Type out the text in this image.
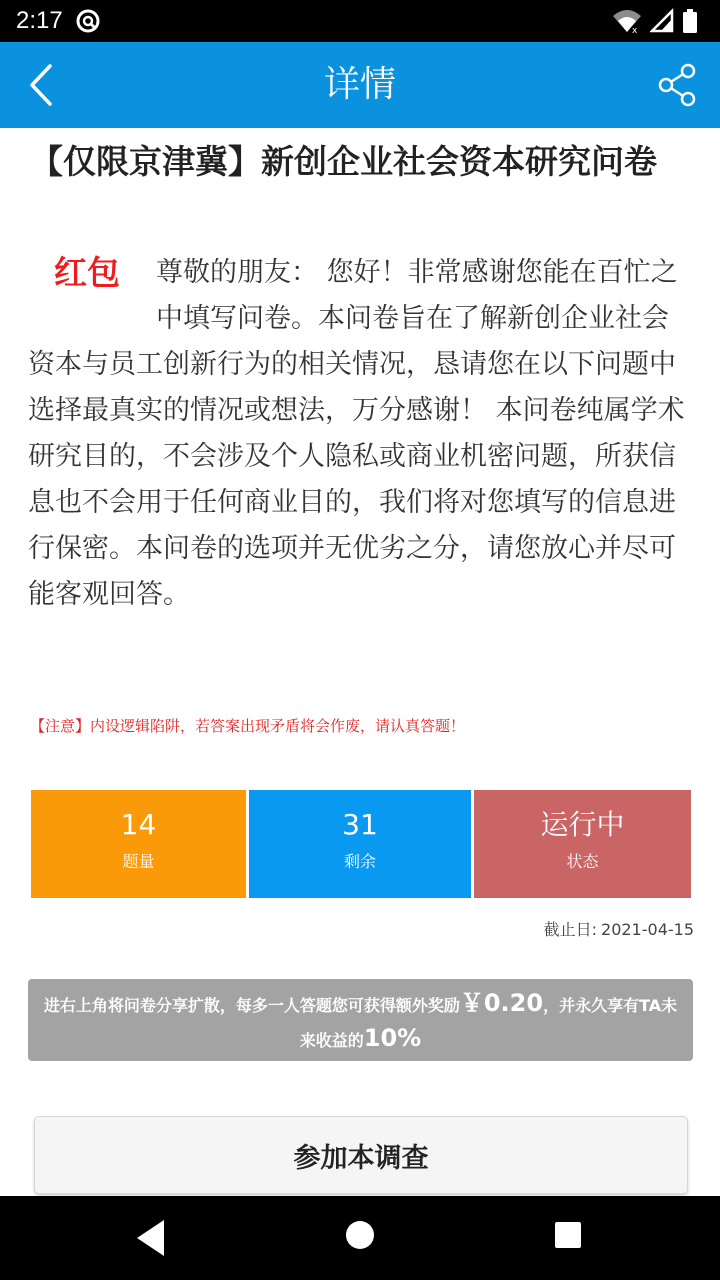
2:17	x
详情
【仅限京津冀】新创企业社会资本研究问卷
红包	尊敬的朋友： 您好！非常感谢您能在百忙之中填写问卷。本问卷旨在了解新创企业社会资本与员工创新行为的相关情况，恳请您在以下问题中选择最真实的情况或想法，万分感谢！ 本问卷纯属学术研究目的，不会涉及个人隐私或商业机密问题，所获信息也不会用于任何商业目的，我们将对您填写的信息进行保密。本问卷的选项并无优劣之分，请您放心并尽可能客观回答。
【注意】内设逻辑陷阱，若答案出现矛盾将会作废，请认真答题！
14
题量
31
剩余
运行中
状态
截止日: 2021-04-15
进右上角将问卷分享扩散，每多一人答题您可获得额外奖励￥0.20，并永久享有TA未来收益的10%
参加本调查
